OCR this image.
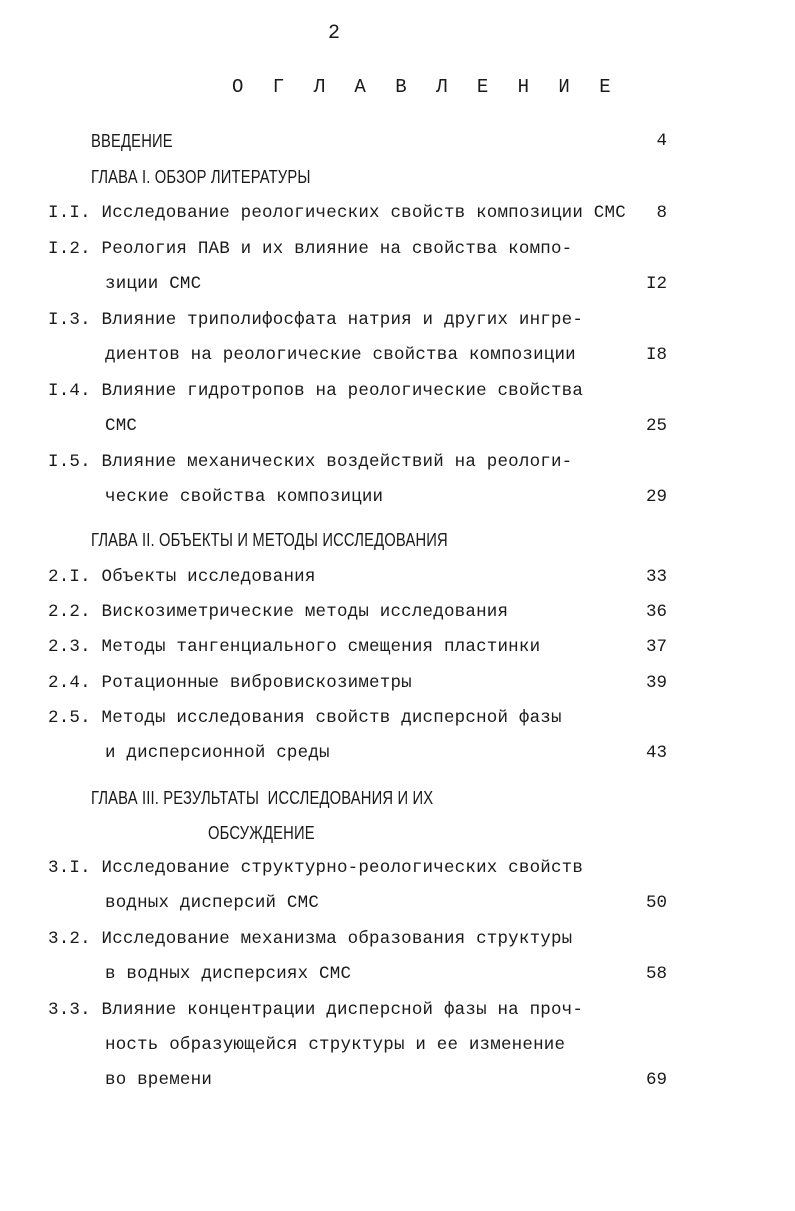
2
О Г Л А В Л Е Н И Е
ВВЕДЕНИЕ	4
ГЛАВА I. ОБЗОР ЛИТЕРАТУРЫ
I.I. Исследование реологических свойств композиции СМС 8
I.2. Реология ПАВ и их влияние на свойства компо-
зиции СМС	I2
I.3. Влияние триполифосфата натрия и других ингре-
диентов на реологические свойства композиции	I8
I.4. Влияние гидротропов на реологические свойства
СМС	25
I.5. Влияние механических воздействий на реологи-
ческие свойства композиции	29
ГЛАВА II. ОБЪЕКТЫ И МЕТОДЫ ИССЛЕДОВАНИЯ
2.I. Объекты исследования	33
2.2. Вискозиметрические методы исследования	36
2.3. Методы тангенциального смещения пластинки	37
2.4. Ротационные вибровискозиметры	39
2.5. Методы исследования свойств дисперсной фазы
и дисперсионной среды	43
ГЛАВА III. РЕЗУЛЬТАТЫ  ИССЛЕДОВАНИЯ И ИХ
ОБСУЖДЕНИЕ
3.I. Исследование структурно-реологических свойств
водных дисперсий СМС	50
3.2. Исследование механизма образования структуры
в водных дисперсиях СМС	58
3.3. Влияние концентрации дисперсной фазы на проч-
ность образующейся структуры и ее изменение
во времени	69
